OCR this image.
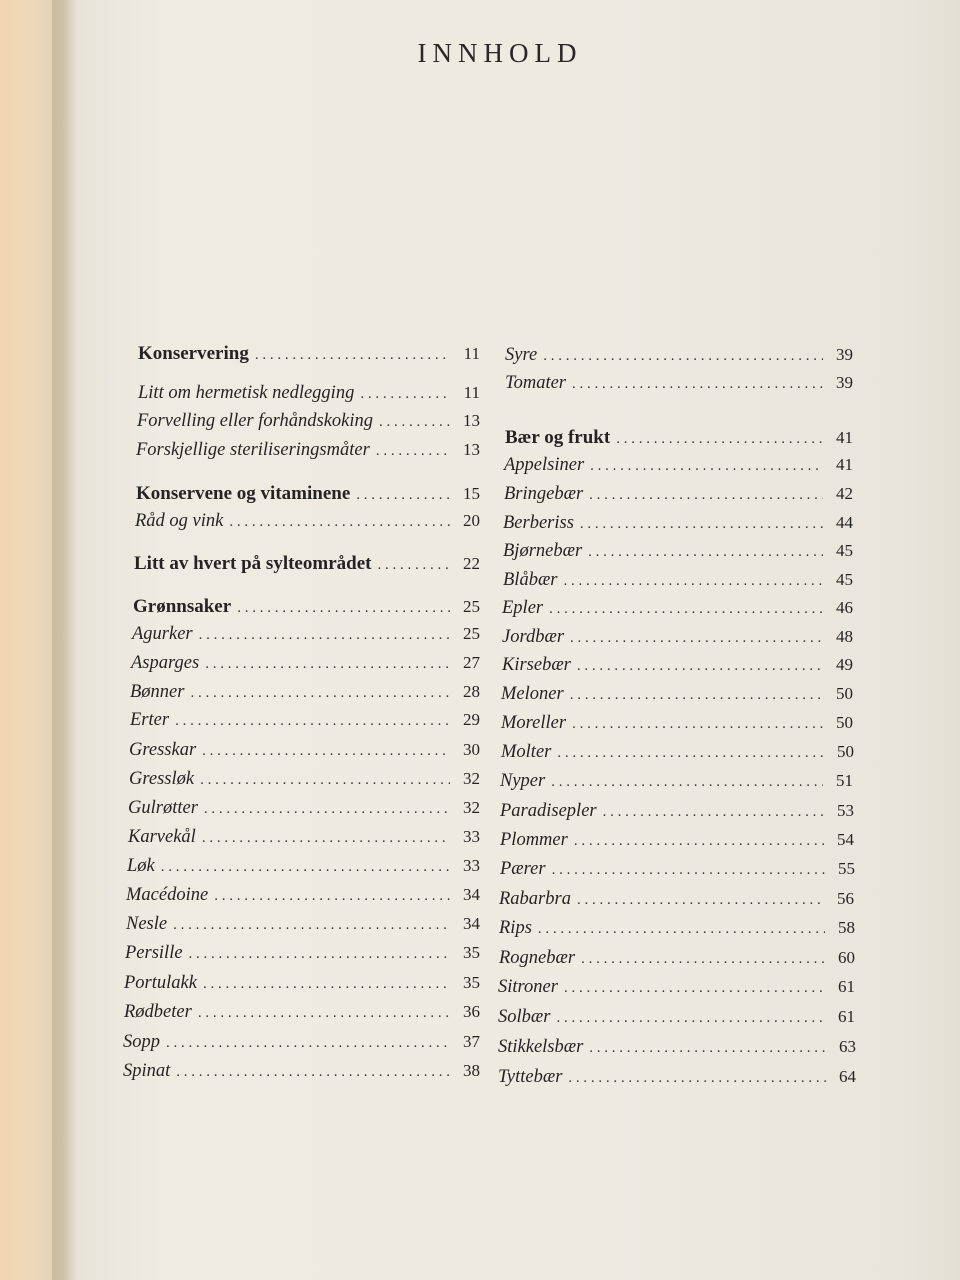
INNHOLD
Konservering . . .	11
Litt om hermetisk nedlegging . . .	11
Forvelling eller forhåndskoking . . .	13
Forskjellige steriliseringsmåter . . .	13
Konservene og vitaminene . . .	15
Råd og vink . . .	20
Litt av hvert på sylteområdet . . .	22
Grønnsaker . . .	25
Agurker . . .	25
Asparges . . .	27
Bønner . . .	28
Erter . . .	29
Gresskar . . .	30
Gressløk . . .	32
Gulrøtter . . .	32
Karvekål . . .	33
Løk . . .	33
Macédoine . . .	34
Nesle . . .	34
Persille . . .	35
Portulakk . . .	35
Rødbeter . . .	36
Sopp . . .	37
Spinat . . .	38
Syre . . .	39
Tomater . . .	39
Bær og frukt . . .	41
Appelsiner . . .	41
Bringebær . . .	42
Berberiss . . .	44
Bjørnebær . . .	45
Blåbær . . .	45
Epler . . .	46
Jordbær . . .	48
Kirsebær . . .	49
Meloner . . .	50
Moreller . . .	50
Molter . . .	50
Nyper . . .	51
Paradisepler . . .	53
Plommer . . .	54
Pærer . . .	55
Rabarbra . . .	56
Rips . . .	58
Rognebær . . .	60
Sitroner . . .	61
Solbær . . .	61
Stikkelsbær . . .	63
Tyttebær . . .	64
